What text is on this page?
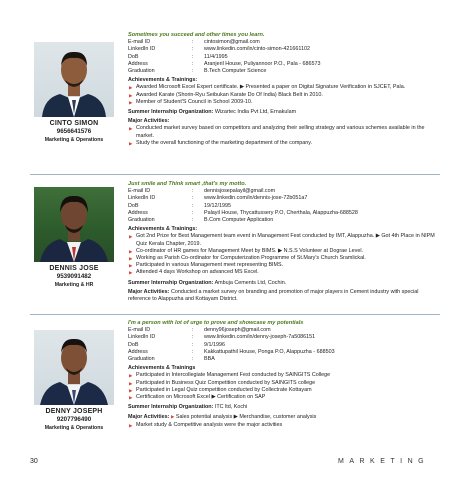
CINTO SIMON
9656641576
Marketing & Operations
Sometimes you succeed and other times you learn.
E-mail ID	:	cintosimon@gmail.com
LinkedIn ID	:	www.linkedin.com/in/cinto-simon-421661102
DoB	:	11/4/1995
Address	:	Aranjeril House, Puliyannoor P.O., Pala - 686573
Graduation	:	B.Tech Computer Science
Achievements & Trainings:
▶ Awarded Microsoft Excel Expert certificate. ▶ Presented a paper on Digital Signature Verification in SJCET, Pala.
▶ Awarded Karate (Shorin-Ryu Seibukan Karate Do Of India) Black Belt in 2010.
▶ Member of Student'S Council in School 2009-10.
Summer Internship Organization: Wizartec India Pvt Ltd, Ernakulam
Major Activities:
▶ Conducted market survey based on competitors and analyzing their selling strategy and various schemes available in the market.
▶ Study the overall functioning of the marketing department of the company.
DENNIS JOSE
9539091482
Marketing & HR
Just smile and Think smart ,that's my motto.
E-mail ID	:	dennisjosepalayil@gmail.com
LinkedIn ID	:	www.linkedin.com/in/dennis-jose-72b051a7
DoB	:	19/12/1995
Address	:	Palayil House, Thycattussery P.O, Cherthala, Alappuzha-688528
Graduation	:	B.Com Computer Application
Achievements & Trainings:
▶ Got 2nd Prize for Best Management team event in Management Fest conducted by IMT, Alappuzha. ▶ Got 4th Place in NIPM Quiz Kerala Chapter, 2019.
▶ Co-ordinator of HR games for Management Meet by BIMS. ▶ N.S.S Volunteer at Dograe Level.
▶ Working as Parish Co-ordinator for Computerization Programme of St.Mary's Church Sramlickal.
▶ Participated in various Management meet representing BIMS.
▶ Attended 4 days Workshop on advanced MS Excel.
Summer Internship Organization: Ambuja Cements Ltd, Cochin.
Major Activities: Conducted a market survey on branding and promotion of major players in Cement industry with special reference to Alappuzha and Kottayam District.
DENNY JOSEPH
9207796490
Marketing & Operations
I'm a person with lot of urge to prove and showcase my potentials
E-mail ID	:	denny96joseph@gmail.com
LinkedIn ID	:	www.linkedin.com/in/denny-joseph-7a5086151
DoB	:	9/1/1996
Address	:	Kakkattupathil House, Ponga P.O, Alappuzha - 688503
Graduation	:	BBA
Achievements & Trainings
▶ Participated in Intercollegiate Management Fest conducted by SAINGITS College
▶ Participated in Business Quiz Competition conducted by SAINGITS college
▶ Participated in Legal Quiz competition conducted by Collectrate Kottayam
▶ Certification on Microsoft Excel ▶ Certification on SAP
Summer Internship Organization: ITC ltd, Kochi
Major Activities: ▶ Sales potential analysis ▶ Merchandise, customer analysis
▶ Market study & Competitive analysis were the major activities
30	MARKETING
